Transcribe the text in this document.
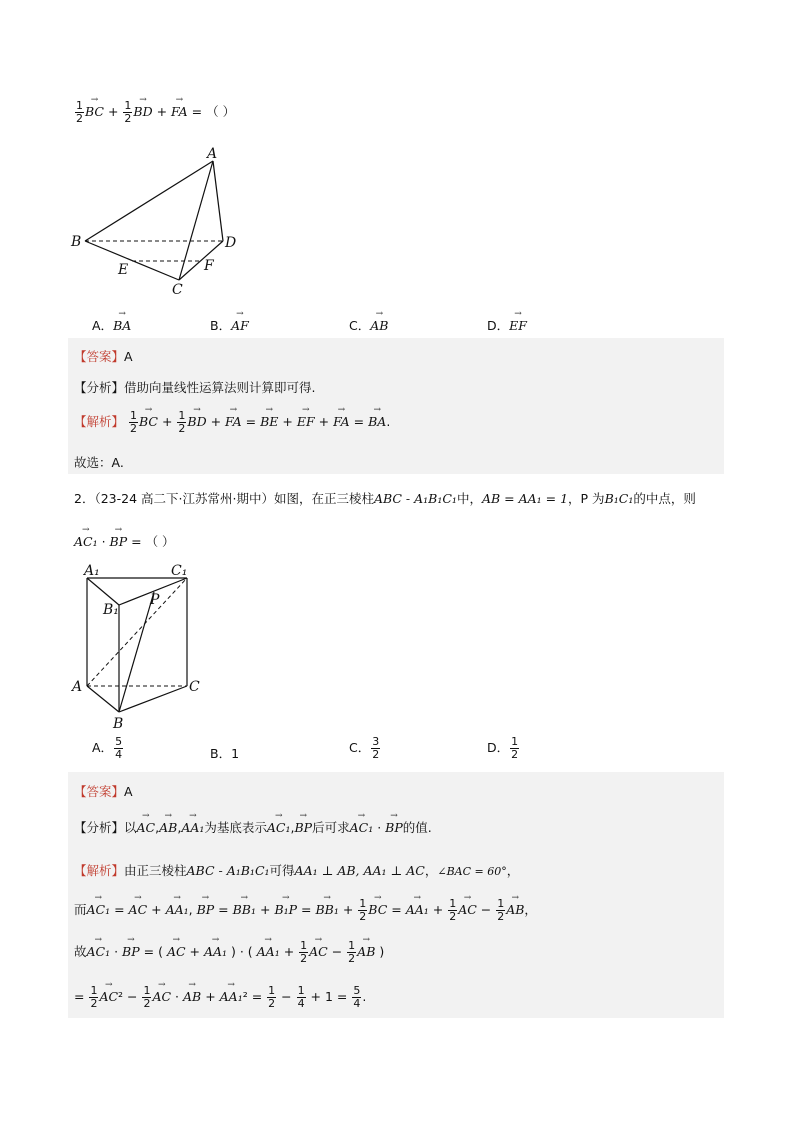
$\frac{1}{2}$
→ BC + $\frac{1}{2}$
→ BD + → FA = （ ）
A
B
C
D
E	F
A．→ BA	B．→ AF	C．→ AB	D．→ EF
【答案】A
【分析】借助向量线性运算法则计算即可得.
【解析】 $\frac{1}{2}$
→ BC + $\frac{1}{2}$
→ BD + → FA = → BE + → EF + → FA = → BA.
故选：A.
2．（23-24 高二下·江苏常州·期中）如图，在正三棱柱ABC - A₁B₁C₁中，AB = AA₁ = 1，P 为B₁C₁的中点，则
→ AC₁ · → BP = （ ）
A₁	C₁
B₁
P
A	C
B
A． $\frac{5}{4}$	B．1	C． $\frac{3}{2}$	D． $\frac{1}{2}$
【答案】A
【分析】以→ AC,→ AB,→ AA₁为基底表示→ AC₁,→ BP后可求→ AC₁ · → BP的值.
【解析】由正三棱柱ABC - A₁B₁C₁可得AA₁ ⊥ AB, AA₁ ⊥ AC，∠BAC = 60°，
而→ AC₁ = → AC + → AA₁, → BP = → BB₁ + → B₁P = → $BB_1 + \frac{1}{2}$
→ BC = → $AA_1 + \frac{1}{2}$
→ AC − $\frac{1}{2}$
→ AB，
故→ AC₁ · → BP = ( → AC + → AA₁ ) · ( → $AA_1 + \frac{1}{2}$
→ AC − $\frac{1}{2}$
→ AB )
= $\frac{1}{2}$
→ $AC^2 - \frac{1}{2}$
→ AC · → AB + → $AA_1^2 = \frac{1}{2} - \frac{1}{4} + 1 = \frac{5}{4}$ .
